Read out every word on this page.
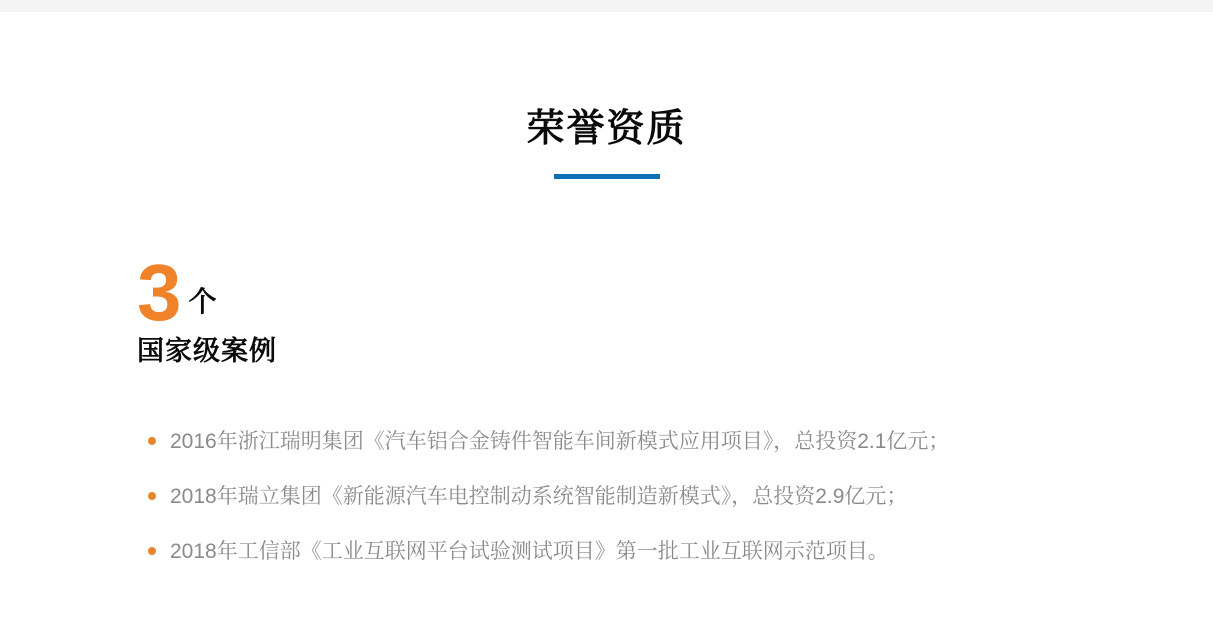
荣誉资质
3 个
国家级案例
2016年浙江瑞明集团《汽车铝合金铸件智能车间新模式应用项目》，总投资2.1亿元；
2018年瑞立集团《新能源汽车电控制动系统智能制造新模式》，总投资2.9亿元；
2018年工信部《工业互联网平台试验测试项目》第一批工业互联网示范项目。
